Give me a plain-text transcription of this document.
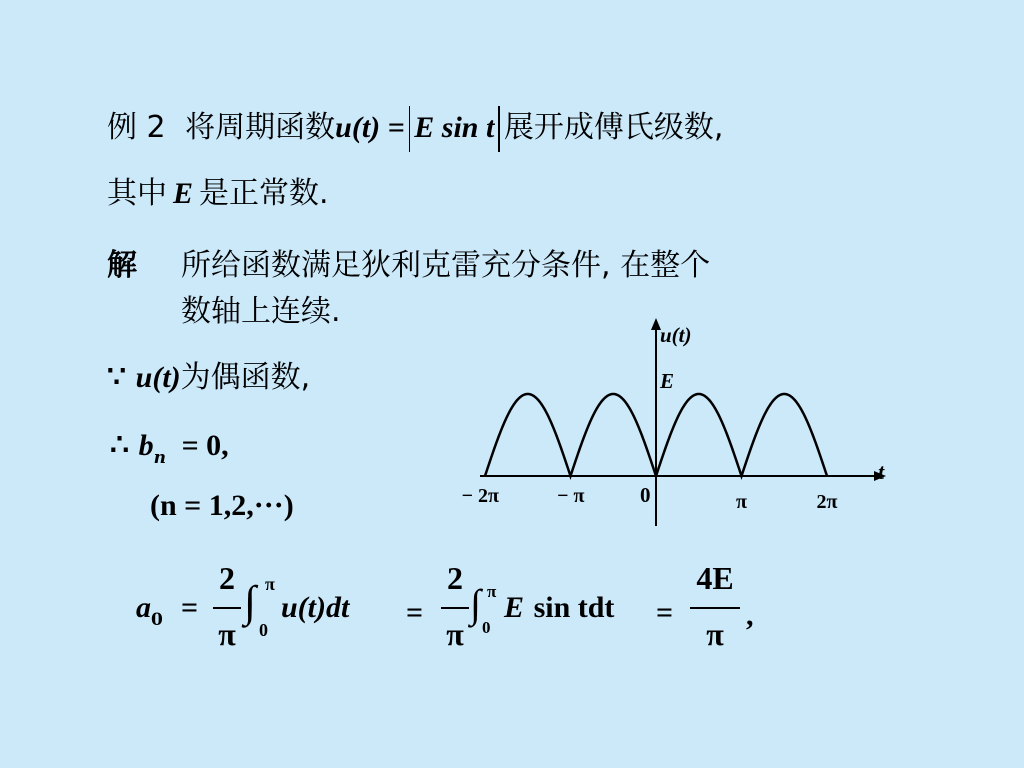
例 2 将周期函数u(t) = E sin t 展开成傅氏级数,
其中 E 是正常数.
解 所给函数满足狄利克雷充分条件, 在整个
数轴上连续.
∵ u(t)为偶函数,
∴ $b_n = 0$,
(n = 1,2,···)	− 2π	− π	π	2π
0
t
u(t)
E
$a_0$ =
2
π
∫ π
0
u(t)dt =
2
π
∫ π
0
E sin tdt =
4E
π
,
